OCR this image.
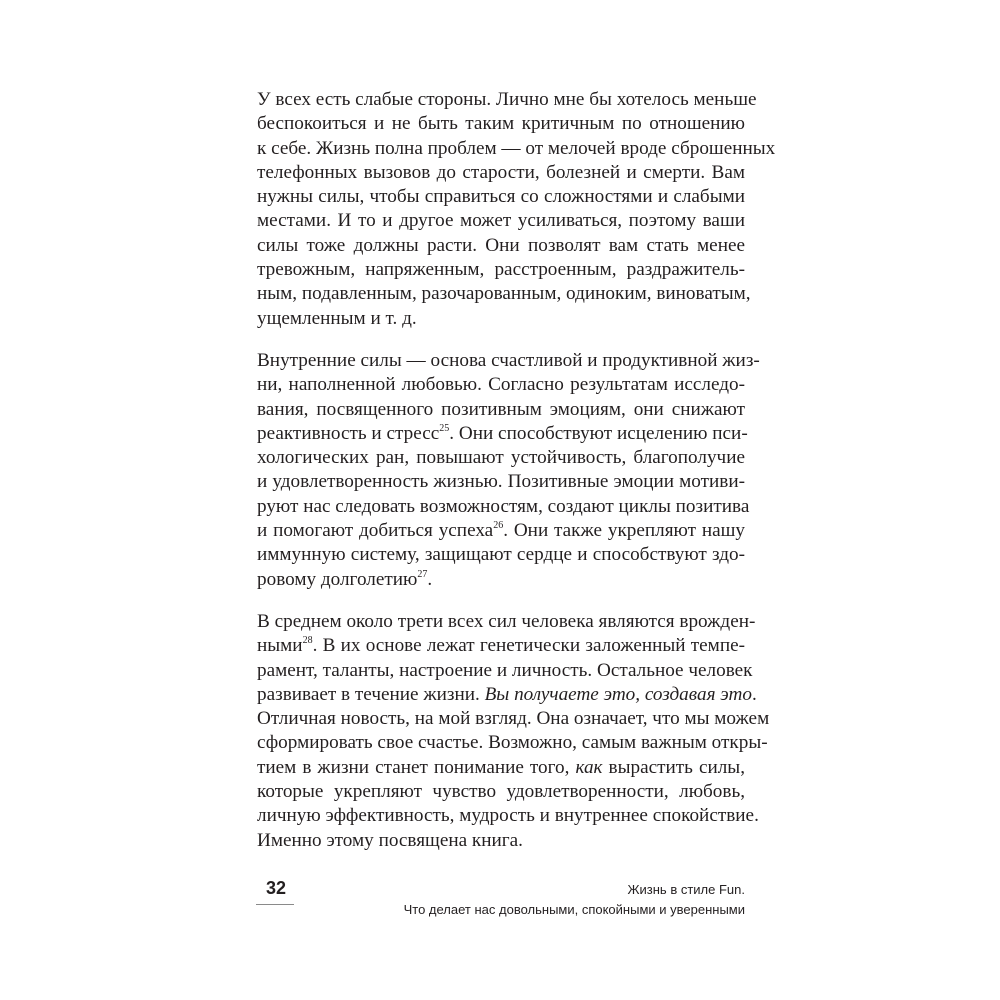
У всех есть слабые стороны. Лично мне бы хотелось меньше
беспокоиться и не быть таким критичным по отношению
к себе. Жизнь полна проблем — от мелочей вроде сброшенных
телефонных вызовов до старости, болезней и смерти. Вам
нужны силы, чтобы справиться со сложностями и слабыми
местами. И то и другое может усиливаться, поэтому ваши
силы тоже должны расти. Они позволят вам стать менее
тревожным, напряженным, расстроенным, раздражитель-
ным, подавленным, разочарованным, одиноким, виноватым,
ущемленным и т. д.

Внутренние силы — основа счастливой и продуктивной жиз-
ни, наполненной любовью. Согласно результатам исследо-
вания, посвященного позитивным эмоциям, они снижают
реактивность и стресс$^{25}$. Они способствуют исцелению пси-
хологических ран, повышают устойчивость, благополучие
и удовлетворенность жизнью. Позитивные эмоции мотиви-
руют нас следовать возможностям, создают циклы позитива
и помогают добиться успеха$^{26}$. Они также укрепляют нашу
иммунную систему, защищают сердце и способствуют здо-
ровому долголетию$^{27}$.

В среднем около трети всех сил человека являются врожден-
ными$^{28}$. В их основе лежат генетически заложенный темпе-
рамент, таланты, настроение и личность. Остальное человек
развивает в течение жизни. Вы получаете это, создавая это.
Отличная новость, на мой взгляд. Она означает, что мы можем
сформировать свое счастье. Возможно, самым важным откры-
тием в жизни станет понимание того, как вырастить силы,
которые укрепляют чувство удовлетворенности, любовь,
личную эффективность, мудрость и внутреннее спокойствие.
Именно этому посвящена книга.

32	Жизнь в стиле Fun.
Что делает нас довольными, спокойными и уверенными
